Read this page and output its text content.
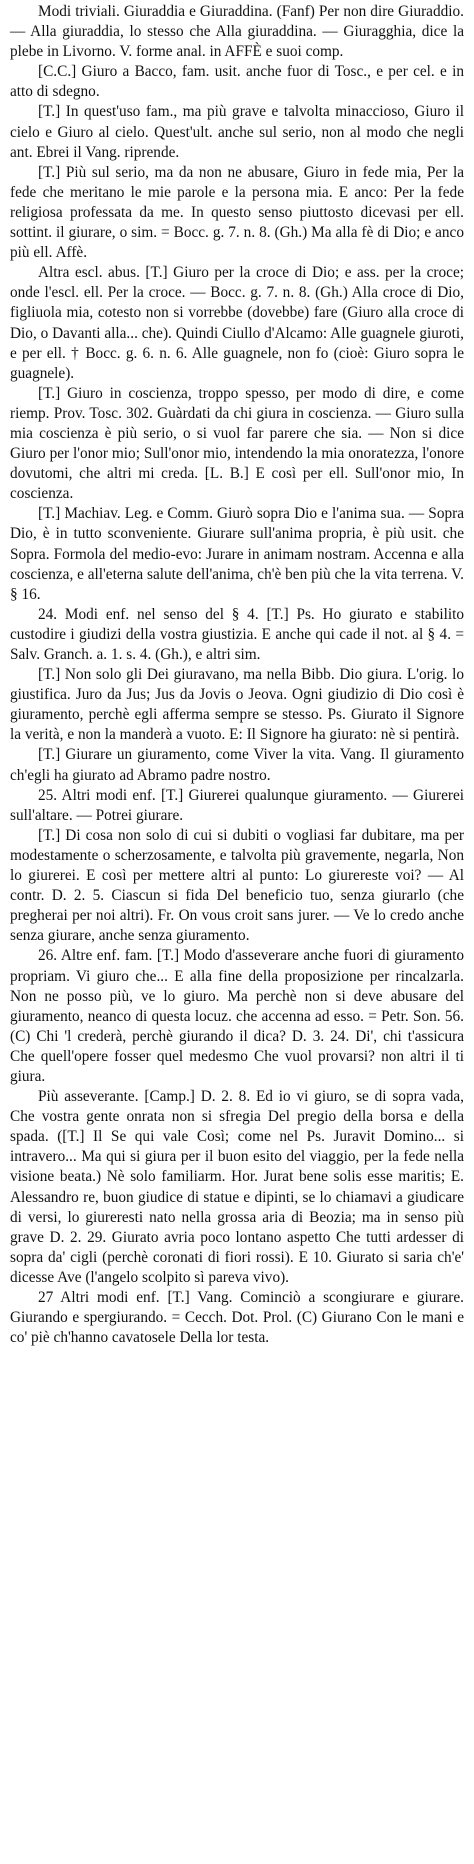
Modi triviali. Giuraddia e Giuraddina. (Fanf) Per non dire Giuraddio. — Alla giuraddia, lo stesso che Alla giuraddina. — Giuragghia, dice la plebe in Livorno. V. forme anal. in AFFÈ e suoi comp.

[C.C.] Giuro a Bacco, fam. usit. anche fuor di Tosc., e per cel. e in atto di sdegno.

[T.] In quest'uso fam., ma più grave e talvolta minaccioso, Giuro il cielo e Giuro al cielo. Quest'ult. anche sul serio, non al modo che negli ant. Ebrei il Vang. riprende.

[T.] Più sul serio, ma da non ne abusare, Giuro in fede mia, Per la fede che meritano le mie parole e la persona mia. E anco: Per la fede religiosa professata da me. In questo senso piuttosto dicevasi per ell. sottint. il giurare, o sim. = Bocc. g. 7. n. 8. (Gh.) Ma alla fè di Dio; e anco più ell. Affè.

Altra escl. abus. [T.] Giuro per la croce di Dio; e ass. per la croce; onde l'escl. ell. Per la croce. — Bocc. g. 7. n. 8. (Gh.) Alla croce di Dio, figliuola mia, cotesto non si vorrebbe (dovebbe) fare (Giuro alla croce di Dio, o Davanti alla... che). Quindi Ciullo d'Alcamo: Alle guagnele giuroti, e per ell. † Bocc. g. 6. n. 6. Alle guagnele, non fo (cioè: Giuro sopra le guagnele).

[T.] Giuro in coscienza, troppo spesso, per modo di dire, e come riemp. Prov. Tosc. 302. Guàrdati da chi giura in coscienza. — Giuro sulla mia coscienza è più serio, o si vuol far parere che sia. — Non si dice Giuro per l'onor mio; Sull'onor mio, intendendo la mia onoratezza, l'onore dovutomi, che altri mi creda. [L. B.] E così per ell. Sull'onor mio, In coscienza.

[T.] Machiav. Leg. e Comm. Giurò sopra Dio e l'anima sua. — Sopra Dio, è in tutto sconveniente. Giurare sull'anima propria, è più usit. che Sopra. Formola del medio-evo: Jurare in animam nostram. Accenna e alla coscienza, e all'eterna salute dell'anima, ch'è ben più che la vita terrena. V. § 16.

24. Modi enf. nel senso del § 4. [T.] Ps. Ho giurato e stabilito custodire i giudizi della vostra giustizia. E anche qui cade il not. al § 4. = Salv. Granch. a. 1. s. 4. (Gh.), e altri sim.

[T.] Non solo gli Dei giuravano, ma nella Bibb. Dio giura. L'orig. lo giustifica. Juro da Jus; Jus da Jovis o Jeova. Ogni giudizio di Dio così è giuramento, perchè egli afferma sempre se stesso. Ps. Giurato il Signore la verità, e non la manderà a vuoto. E: Il Signore ha giurato: nè si pentirà.

[T.] Giurare un giuramento, come Viver la vita. Vang. Il giuramento ch'egli ha giurato ad Abramo padre nostro.

25. Altri modi enf. [T.] Giurerei qualunque giuramento. — Giurerei sull'altare. — Potrei giurare.

[T.] Di cosa non solo di cui si dubiti o vogliasi far dubitare, ma per modestamente o scherzosamente, e talvolta più gravemente, negarla, Non lo giurerei. E così per mettere altri al punto: Lo giurereste voi? — Al contr. D. 2. 5. Ciascun si fida Del beneficio tuo, senza giurarlo (che pregherai per noi altri). Fr. On vous croit sans jurer. — Ve lo credo anche senza giurare, anche senza giuramento.

26. Altre enf. fam. [T.] Modo d'asseverare anche fuori di giuramento propriam. Vi giuro che... E alla fine della proposizione per rincalzarla. Non ne posso più, ve lo giuro. Ma perchè non si deve abusare del giuramento, neanco di questa locuz. che accenna ad esso. = Petr. Son. 56. (C) Chi 'l crederà, perchè giurando il dica? D. 3. 24. Di', chi t'assicura Che quell'opere fosser quel medesmo Che vuol provarsi? non altri il ti giura.

Più asseverante. [Camp.] D. 2. 8. Ed io vi giuro, se di sopra vada, Che vostra gente onrata non si sfregia Del pregio della borsa e della spada. ([T.] Il Se qui vale Così; come nel Ps. Juravit Domino... si intravero... Ma qui si giura per il buon esito del viaggio, per la fede nella visione beata.) Nè solo familiarm. Hor. Jurat bene solis esse maritis; E. Alessandro re, buon giudice di statue e dipinti, se lo chiamavi a giudicare di versi, lo giureresti nato nella grossa aria di Beozia; ma in senso più grave D. 2. 29. Giurato avria poco lontano aspetto Che tutti ardesser di sopra da' cigli (perchè coronati di fiori rossi). E 10. Giurato si saria ch'e' dicesse Ave (l'angelo scolpito sì pareva vivo).

27 Altri modi enf. [T.] Vang. Cominciò a scongiurare e giurare. Giurando e spergiurando. = Cecch. Dot. Prol. (C) Giurano Con le mani e co' piè ch'hanno cavatosele Della lor testa.
